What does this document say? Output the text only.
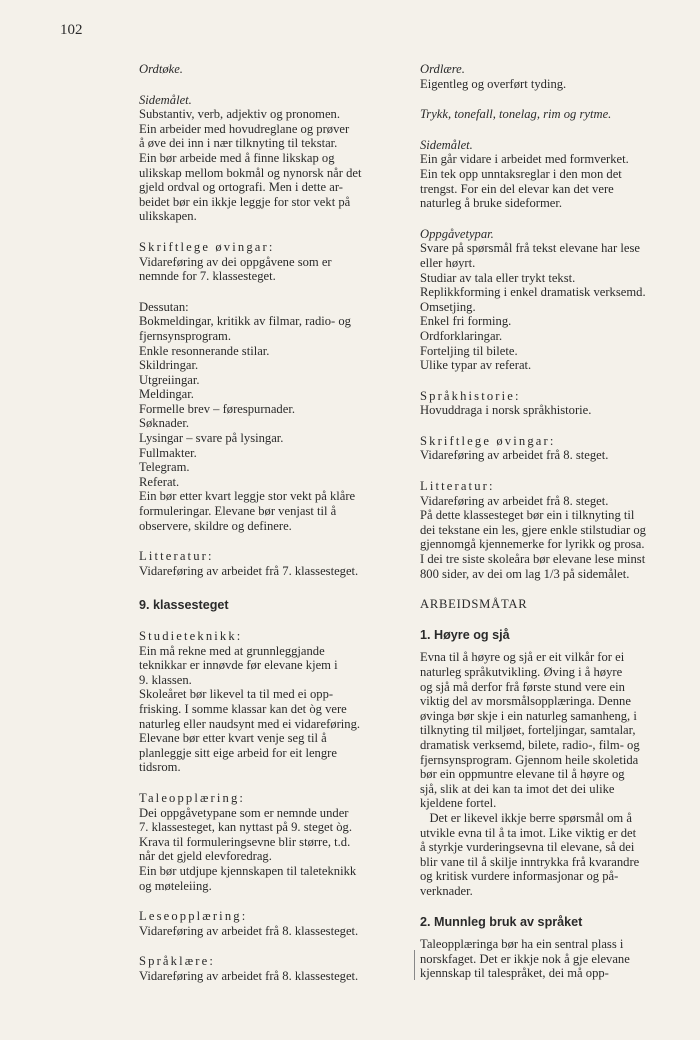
102
Ordtøke.
Sidemålet.
Substantiv, verb, adjektiv og pronomen.
Ein arbeider med hovudreglane og prøver
å øve dei inn i nær tilknyting til tekstar.
Ein bør arbeide med å finne likskap og
ulikskap mellom bokmål og nynorsk når det
gjeld ordval og ortografi. Men i dette ar-
beidet bør ein ikkje leggje for stor vekt på
ulikskapen.
Skriftlege øvingar:
Vidareføring av dei oppgåvene som er
nemnde for 7. klassesteget.
Dessutan:
Bokmeldingar, kritikk av filmar, radio- og
fjernsynsprogram.
Enkle resonnerande stilar.
Skildringar.
Utgreiingar.
Meldingar.
Formelle brev – førespurnader.
Søknader.
Lysingar – svare på lysingar.
Fullmakter.
Telegram.
Referat.
Ein bør etter kvart leggje stor vekt på klåre
formuleringar. Elevane bør venjast til å
observere, skildre og definere.
Litteratur:
Vidareføring av arbeidet frå 7. klassesteget.
9. klassesteget
Studieteknikk:
Ein må rekne med at grunnleggjande
teknikkar er innøvde før elevane kjem i
9. klassen.
Skoleåret bør likevel ta til med ei opp-
frisking. I somme klassar kan det òg vere
naturleg eller naudsynt med ei vidareføring.
Elevane bør etter kvart venje seg til å
planleggje sitt eige arbeid for eit lengre
tidsrom.
Taleopplæring:
Dei oppgåvetypane som er nemnde under
7. klassesteget, kan nyttast på 9. steget òg.
Krava til formuleringsevne blir større, t.d.
når det gjeld elevforedrag.
Ein bør utdjupe kjennskapen til taleteknikk
og møteleiing.
Leseopplæring:
Vidareføring av arbeidet frå 8. klassesteget.
Språklære:
Vidareføring av arbeidet frå 8. klassesteget.
Ordlære.
Eigentleg og overført tyding.
Trykk, tonefall, tonelag, rim og rytme.
Sidemålet.
Ein går vidare i arbeidet med formverket.
Ein tek opp unntaksreglar i den mon det
trengst. For ein del elevar kan det vere
naturleg å bruke sideformer.
Oppgåvetypar.
Svare på spørsmål frå tekst elevane har lese
eller høyrt.
Studiar av tala eller trykt tekst.
Replikkforming i enkel dramatisk verksemd.
Omsetjing.
Enkel fri forming.
Ordforklaringar.
Forteljing til bilete.
Ulike typar av referat.
Språkhistorie:
Hovuddraga i norsk språkhistorie.
Skriftlege øvingar:
Vidareføring av arbeidet frå 8. steget.
Litteratur:
Vidareføring av arbeidet frå 8. steget.
På dette klassesteget bør ein i tilknyting til
dei tekstane ein les, gjere enkle stilstudiar og
gjennomgå kjennemerke for lyrikk og prosa.
I dei tre siste skoleåra bør elevane lese minst
800 sider, av dei om lag 1/3 på sidemålet.
ARBEIDSMÅTAR
1. Høyre og sjå
Evna til å høyre og sjå er eit vilkår for ei
naturleg språkutvikling. Øving i å høyre
og sjå må derfor frå første stund vere ein
viktig del av morsmålsopplæringa. Denne
øvinga bør skje i ein naturleg samanheng, i
tilknyting til miljøet, forteljingar, samtalar,
dramatisk verksemd, bilete, radio-, film- og
fjernsynsprogram. Gjennom heile skoletida
bør ein oppmuntre elevane til å høyre og
sjå, slik at dei kan ta imot det dei ulike
kjeldene fortel.
Det er likevel ikkje berre spørsmål om å
utvikle evna til å ta imot. Like viktig er det
å styrkje vurderingsevna til elevane, så dei
blir vane til å skilje inntrykka frå kvarandre
og kritisk vurdere informasjonar og på-
verknader.
2. Munnleg bruk av språket
Taleopplæringa bør ha ein sentral plass i
norskfaget. Det er ikkje nok å gje elevane
kjennskap til talespråket, dei må opp-
